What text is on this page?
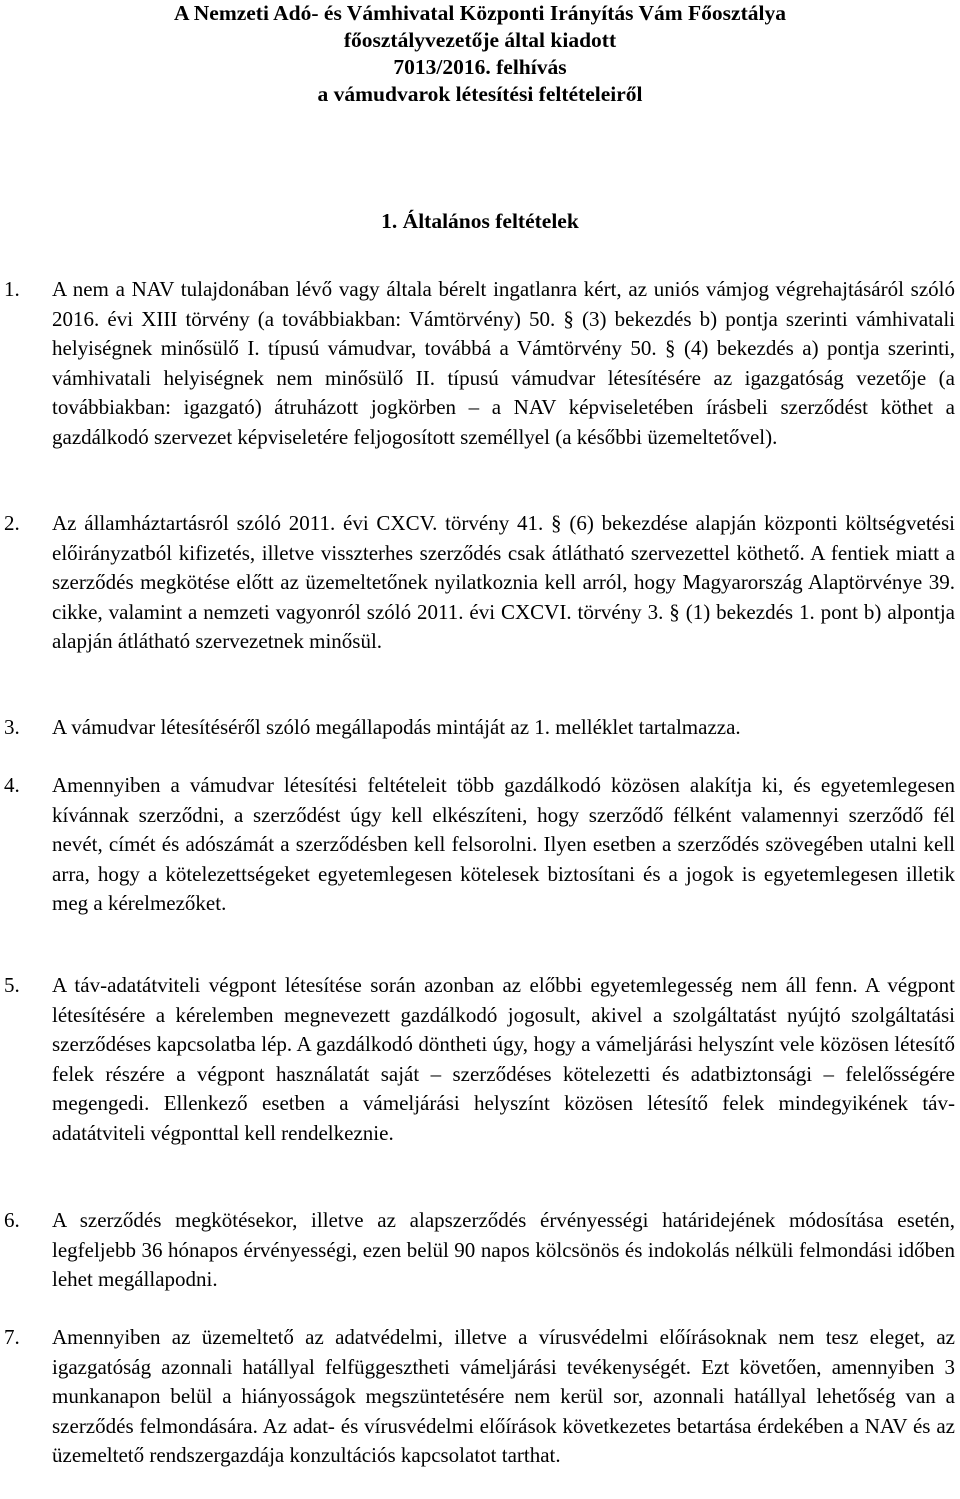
A Nemzeti Adó- és Vámhivatal Központi Irányítás Vám Főosztálya
főosztályvezetője által kiadott
7013/2016. felhívás
a vámudvarok létesítési feltételeiről
1. Általános feltételek
1. A nem a NAV tulajdonában lévő vagy általa bérelt ingatlanra kért, az uniós vámjog végrehajtásáról szóló 2016. évi XIII törvény (a továbbiakban: Vámtörvény) 50. § (3) bekezdés b) pontja szerinti vámhivatali helyiségnek minősülő I. típusú vámudvar, továbbá a Vámtörvény 50. § (4) bekezdés a) pontja szerinti, vámhivatali helyiségnek nem minősülő II. típusú vámudvar létesítésére az igazgatóság vezetője (a továbbiakban: igazgató) átruházott jogkörben – a NAV képviseletében írásbeli szerződést köthet a gazdálkodó szervezet képviseletére feljogosított személlyel (a későbbi üzemeltetővel).
2. Az államháztartásról szóló 2011. évi CXCV. törvény 41. § (6) bekezdése alapján központi költségvetési előirányzatból kifizetés, illetve visszterhes szerződés csak átlátható szervezettel köthető. A fentiek miatt a szerződés megkötése előtt az üzemeltetőnek nyilatkoznia kell arról, hogy Magyarország Alaptörvénye 39. cikke, valamint a nemzeti vagyonról szóló 2011. évi CXCVI. törvény 3. § (1) bekezdés 1. pont b) alpontja alapján átlátható szervezetnek minősül.
3. A vámudvar létesítéséről szóló megállapodás mintáját az 1. melléklet tartalmazza.
4. Amennyiben a vámudvar létesítési feltételeit több gazdálkodó közösen alakítja ki, és egyetemlegesen kívánnak szerződni, a szerződést úgy kell elkészíteni, hogy szerződő félként valamennyi szerződő fél nevét, címét és adószámát a szerződésben kell felsorolni. Ilyen esetben a szerződés szövegében utalni kell arra, hogy a kötelezettségeket egyetemlegesen kötelesek biztosítani és a jogok is egyetemlegesen illetik meg a kérelmezőket.
5. A táv-adatátviteli végpont létesítése során azonban az előbbi egyetemlegesség nem áll fenn. A végpont létesítésére a kérelemben megnevezett gazdálkodó jogosult, akivel a szolgáltatást nyújtó szolgáltatási szerződéses kapcsolatba lép. A gazdálkodó döntheti úgy, hogy a vámeljárási helyszínt vele közösen létesítő felek részére a végpont használatát saját – szerződéses kötelezetti és adatbiztonsági – felelősségére megengedi. Ellenkező esetben a vámeljárási helyszínt közösen létesítő felek mindegyikének táv-adatátviteli végponttal kell rendelkeznie.
6. A szerződés megkötésekor, illetve az alapszerződés érvényességi határidejének módosítása esetén, legfeljebb 36 hónapos érvényességi, ezen belül 90 napos kölcsönös és indokolás nélküli felmondási időben lehet megállapodni.
7. Amennyiben az üzemeltető az adatvédelmi, illetve a vírusvédelmi előírásoknak nem tesz eleget, az igazgatóság azonnali hatállyal felfüggesztheti vámeljárási tevékenységét. Ezt követően, amennyiben 3 munkanapon belül a hiányosságok megszüntetésére nem kerül sor, azonnali hatállyal lehetőség van a szerződés felmondására. Az adat- és vírusvédelmi előírások következetes betartása érdekében a NAV és az üzemeltető rendszergazdája konzultációs kapcsolatot tarthat.
